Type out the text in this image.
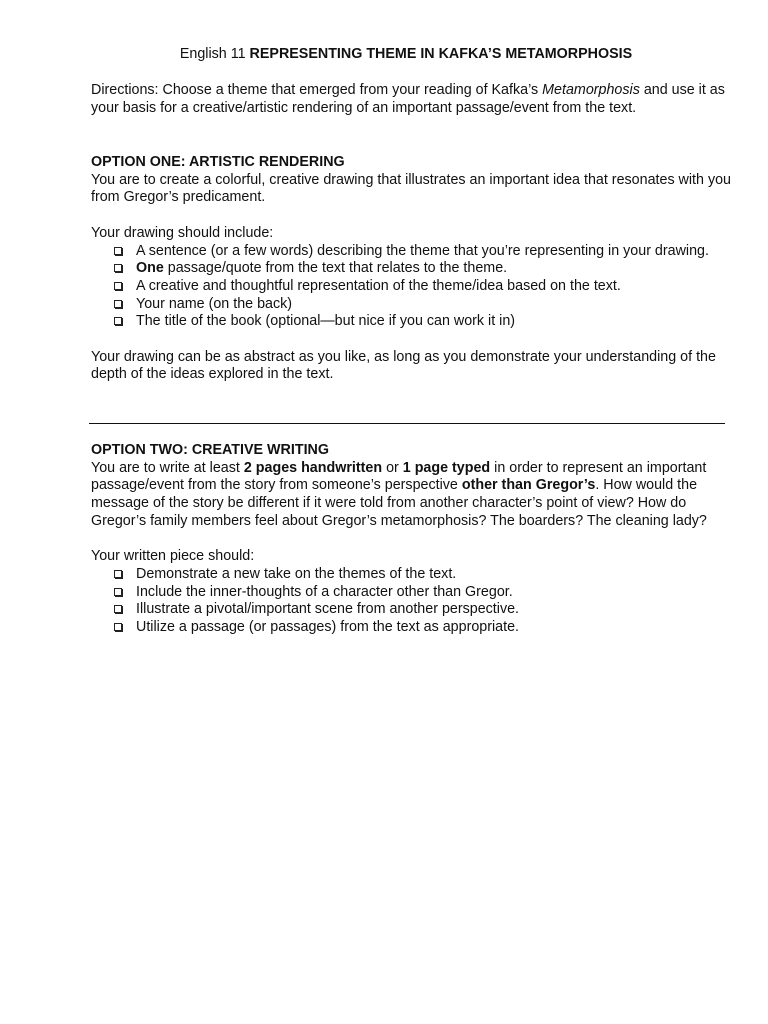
English 11 REPRESENTING THEME IN KAFKA’S METAMORPHOSIS

Directions: Choose a theme that emerged from your reading of Kafka’s Metamorphosis and use it as your basis for a creative/artistic rendering of an important passage/event from the text.

OPTION ONE: ARTISTIC RENDERING

You are to create a colorful, creative drawing that illustrates an important idea that resonates with you from Gregor’s predicament.

Your drawing should include:

A sentence (or a few words) describing the theme that you’re representing in your drawing.
One passage/quote from the text that relates to the theme.
A creative and thoughtful representation of the theme/idea based on the text.
Your name (on the back)
The title of the book (optional—but nice if you can work it in)

Your drawing can be as abstract as you like, as long as you demonstrate your understanding of the depth of the ideas explored in the text.

OPTION TWO: CREATIVE WRITING

You are to write at least 2 pages handwritten or 1 page typed in order to represent an important passage/event from the story from someone’s perspective other than Gregor’s. How would the message of the story be different if it were told from another character’s point of view? How do Gregor’s family members feel about Gregor’s metamorphosis? The boarders? The cleaning lady?

Your written piece should:

Demonstrate a new take on the themes of the text.
Include the inner-thoughts of a character other than Gregor.
Illustrate a pivotal/important scene from another perspective.
Utilize a passage (or passages) from the text as appropriate.
